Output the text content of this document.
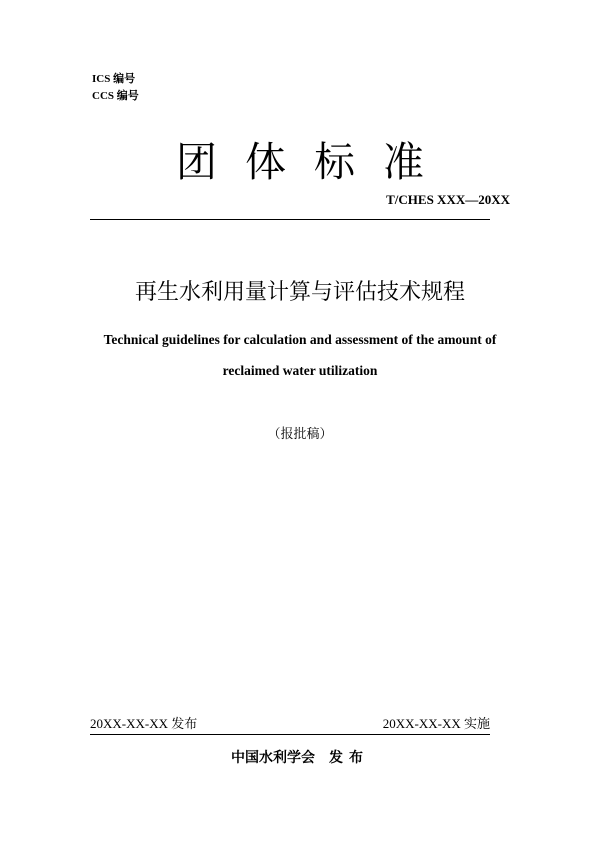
ICS 编号
CCS 编号
团体标准
T/CHES XXX—20XX
再生水利用量计算与评估技术规程
Technical guidelines for calculation and assessment of the amount of
reclaimed water utilization
（报批稿）
20XX-XX-XX 发布	20XX-XX-XX 实施
中国水利学会 发布
